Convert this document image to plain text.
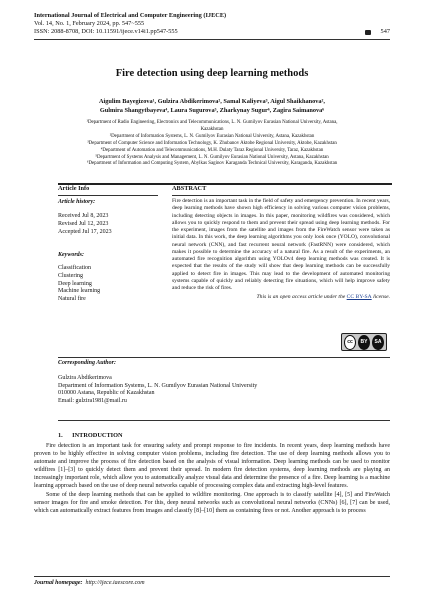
International Journal of Electrical and Computer Engineering (IJECE)
Vol. 14, No. 1, February 2024, pp. 547~555
ISSN: 2088-8708, DOI: 10.11591/ijece.v14i1.pp547-555	547
Fire detection using deep learning methods
Aigulim Bayegizova¹, Gulzira Abdikerimova², Samal Kaliyeva³, Aigul Shaikhanova²,
Gulmira Shangytbayeva⁴, Laura Sugurova⁵, Zharkynay Sugur⁶, Zagira Saimanova⁶
¹Department of Radio Engineering, Electronics and Telecommunications, L. N. Gumilyov Eurasian National University, Astana,
Kazakhstan
²Department of Information Systems, L. N. Gumilyov Eurasian National University, Astana, Kazakhstan
³Department of Computer Science and Information Technology, K. Zhubanov Aktobe Regional University, Aktobe, Kazakhstan
⁴Department of Automation and Telecommunications, M.H. Dulaty Taraz Regional University, Taraz, Kazakhstan
⁵Department of Systems Analysis and Management, L. N. Gumilyov Eurasian National University, Astana, Kazakhstan
⁶Department of Information and Computing System, Abylkas Saginov Karaganda Technical University, Karaganda, Kazakhstan
Article Info
Article history:
Received Jul 8, 2023
Revised Jul 12, 2023
Accepted Jul 17, 2023
Keywords:
Classification
Clustering
Deep learning
Machine learning
Natural fire
ABSTRACT
Fire detection is an important task in the field of safety and emergency prevention. In recent years, deep learning methods have shown high efficiency in solving various computer vision problems, including detecting objects in images. In this paper, monitoring wildfires was considered, which allows you to quickly respond to them and prevent their spread using deep learning methods. For the experiment, images from the satellite and images from the FireWatch sensor were taken as initial data. In this work, the deep learning algorithms you only look once (YOLO), convolutional neural network (CNN), and fast recurrent neural network (FastRNN) were considered, which makes it possible to determine the accuracy of a natural fire. As a result of the experiments, an automated fire recognition algorithm using YOLOv4 deep learning methods was created. It is expected that the results of the study will show that deep learning methods can be successfully applied to detect fire in images. This may lead to the development of automated monitoring systems capable of quickly and reliably detecting fire situations, which will help improve safety and reduce the risk of fires.
This is an open access article under the CC BY-SA license.
cc	BY	SA
Corresponding Author:
Gulzira Abdikerimova
Department of Information Systems, L. N. Gumilyov Eurasian National University
010000 Astana, Republic of Kazakhstan
Email: gulzira1981@mail.ru
1.      INTRODUCTION

Fire detection is an important task for ensuring safety and prompt response to fire incidents. In recent years, deep learning methods have proven to be highly effective in solving computer vision problems, including fire detection. The use of deep learning methods allows you to automate and improve the process of fire detection based on the analysis of visual information. Deep learning methods can be used to monitor wildfires [1]–[3] to quickly detect them and prevent their spread. In modern fire detection systems, deep learning methods are playing an increasingly important role, which allow you to automatically analyze visual data and determine the presence of a fire. Deep learning is a machine learning approach based on the use of deep neural networks capable of processing complex data and extracting high-level features.

Some of the deep learning methods that can be applied to wildfire monitoring. One approach is to classify satellite [4], [5] and FireWatch sensor images for fire and smoke detection. For this, deep neural networks such as convolutional neural networks (CNNs) [6], [7] can be used, which can automatically extract features from images and classify [8]–[10] them as containing fires or not. Another approach is to process

Journal homepage: http://ijece.iaescore.com
